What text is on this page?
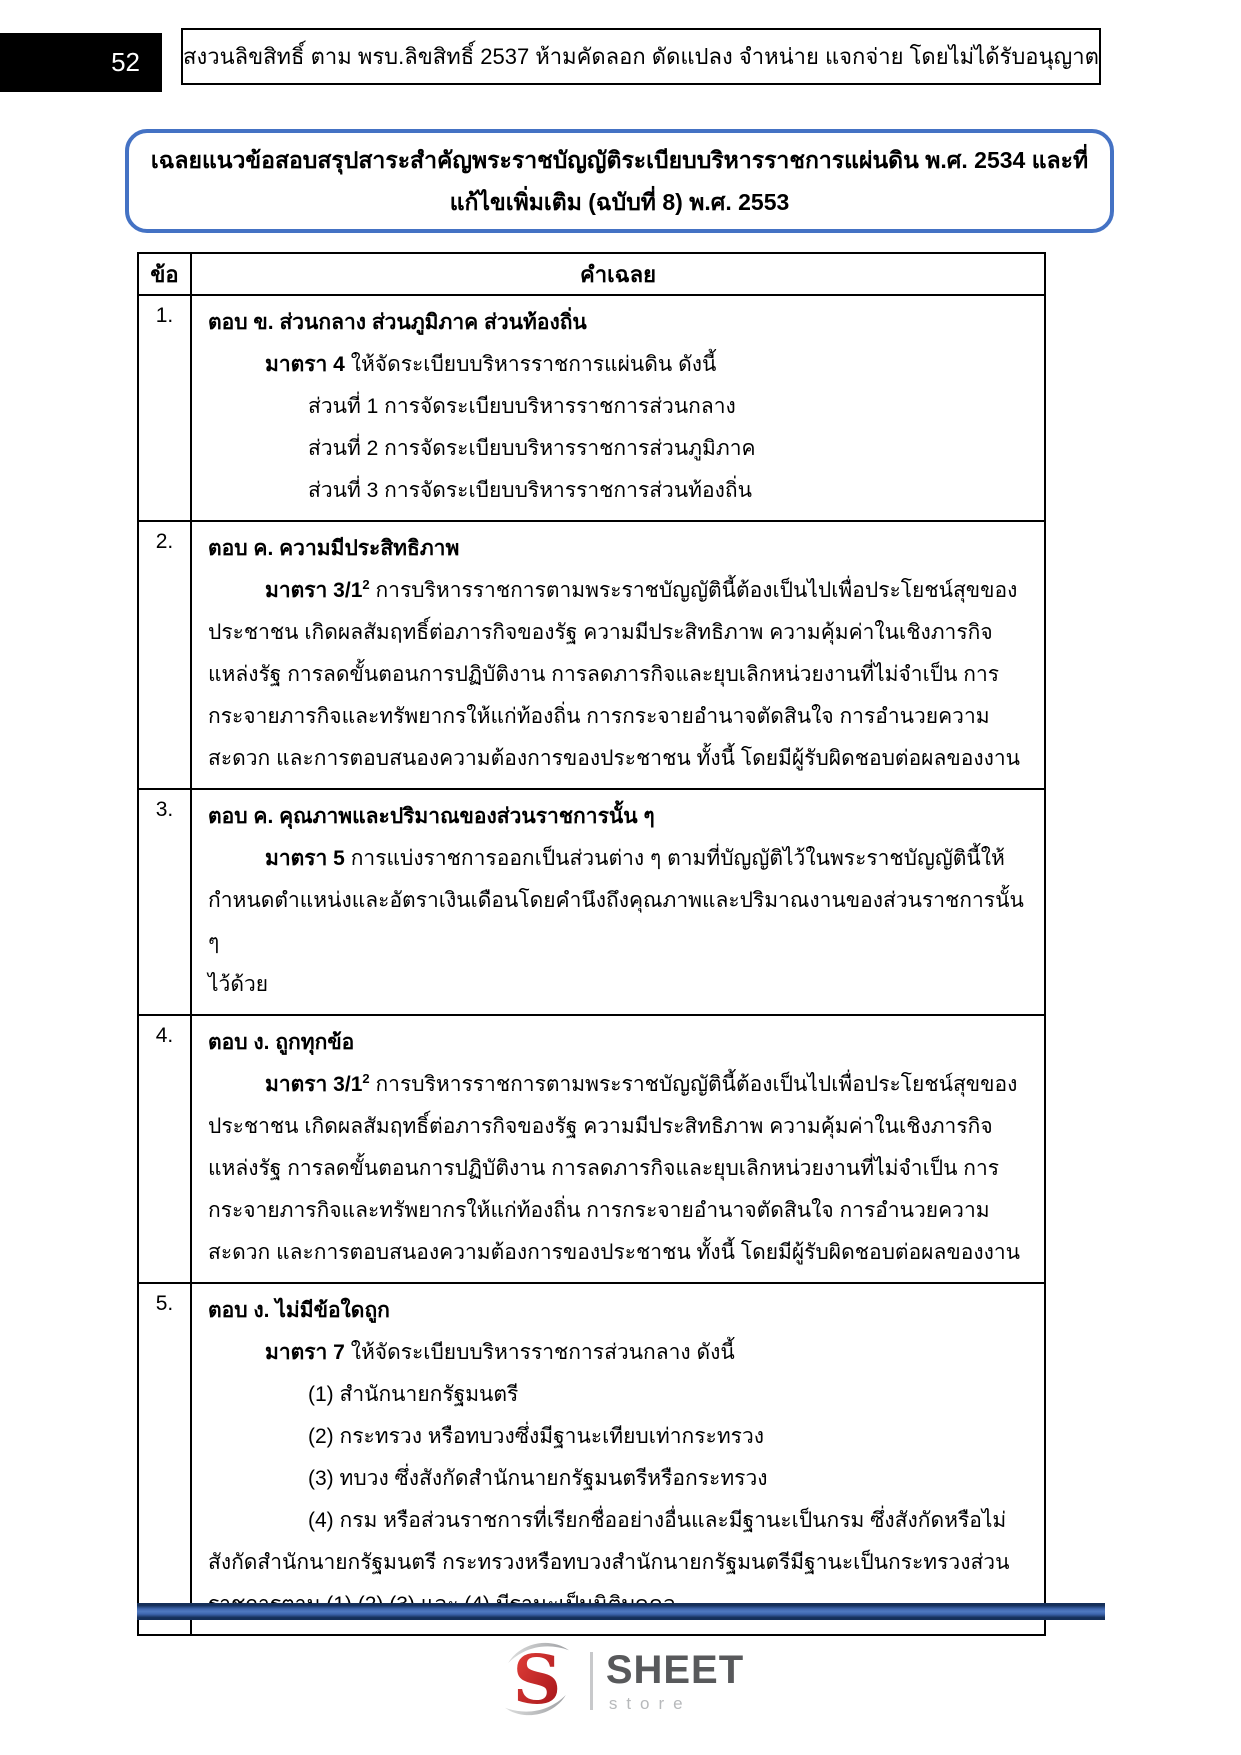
52 สงวนลิขสิทธิ์ ตาม พรบ.ลิขสิทธิ์ 2537 ห้ามคัดลอก ดัดแปลง จำหน่าย แจกจ่าย โดยไม่ได้รับอนุญาต
เฉลยแนวข้อสอบสรุปสาระสำคัญพระราชบัญญัติระเบียบบริหารราชการแผ่นดิน พ.ศ. 2534 และที่
แก้ไขเพิ่มเติม (ฉบับที่ 8) พ.ศ. 2553
ข้อ	คำเฉลย
1.	ตอบ ข. ส่วนกลาง ส่วนภูมิภาค ส่วนท้องถิ่น
มาตรา 4 ให้จัดระเบียบบริหารราชการแผ่นดิน ดังนี้
ส่วนที่ 1 การจัดระเบียบบริหารราชการส่วนกลาง
ส่วนที่ 2 การจัดระเบียบบริหารราชการส่วนภูมิภาค
ส่วนที่ 3 การจัดระเบียบบริหารราชการส่วนท้องถิ่น

2.	ตอบ ค. ความมีประสิทธิภาพ
มาตรา $3/1^2$ การบริหารราชการตามพระราชบัญญัตินี้ต้องเป็นไปเพื่อประโยชน์สุขของ
ประชาชน เกิดผลสัมฤทธิ์ต่อภารกิจของรัฐ ความมีประสิทธิภาพ ความคุ้มค่าในเชิงภารกิจ
แหล่งรัฐ การลดขั้นตอนการปฏิบัติงาน การลดภารกิจและยุบเลิกหน่วยงานที่ไม่จำเป็น การ
กระจายภารกิจและทรัพยากรให้แก่ท้องถิ่น การกระจายอำนาจตัดสินใจ การอำนวยความ
สะดวก และการตอบสนองความต้องการของประชาชน ทั้งนี้ โดยมีผู้รับผิดชอบต่อผลของงาน

3.	ตอบ ค. คุณภาพและปริมาณของส่วนราชการนั้น ๆ
มาตรา 5 การแบ่งราชการออกเป็นส่วนต่าง ๆ ตามที่บัญญัติไว้ในพระราชบัญญัตินี้ให้
กำหนดตำแหน่งและอัตราเงินเดือนโดยคำนึงถึงคุณภาพและปริมาณงานของส่วนราชการนั้น ๆ
ไว้ด้วย

4.	ตอบ ง. ถูกทุกข้อ
มาตรา $3/1^2$ การบริหารราชการตามพระราชบัญญัตินี้ต้องเป็นไปเพื่อประโยชน์สุขของ
ประชาชน เกิดผลสัมฤทธิ์ต่อภารกิจของรัฐ ความมีประสิทธิภาพ ความคุ้มค่าในเชิงภารกิจ
แหล่งรัฐ การลดขั้นตอนการปฏิบัติงาน การลดภารกิจและยุบเลิกหน่วยงานที่ไม่จำเป็น การ
กระจายภารกิจและทรัพยากรให้แก่ท้องถิ่น การกระจายอำนาจตัดสินใจ การอำนวยความ
สะดวก และการตอบสนองความต้องการของประชาชน ทั้งนี้ โดยมีผู้รับผิดชอบต่อผลของงาน

5.	ตอบ ง. ไม่มีข้อใดถูก
มาตรา 7 ให้จัดระเบียบบริหารราชการส่วนกลาง ดังนี้
(1) สำนักนายกรัฐมนตรี
(2) กระทรวง หรือทบวงซึ่งมีฐานะเทียบเท่ากระทรวง
(3) ทบวง ซึ่งสังกัดสำนักนายกรัฐมนตรีหรือกระทรวง
(4) กรม หรือส่วนราชการที่เรียกชื่ออย่างอื่นและมีฐานะเป็นกรม ซึ่งสังกัดหรือไม่
สังกัดสำนักนายกรัฐมนตรี กระทรวงหรือทบวงสำนักนายกรัฐมนตรีมีฐานะเป็นกระทรวงส่วน
S SHEET
store
